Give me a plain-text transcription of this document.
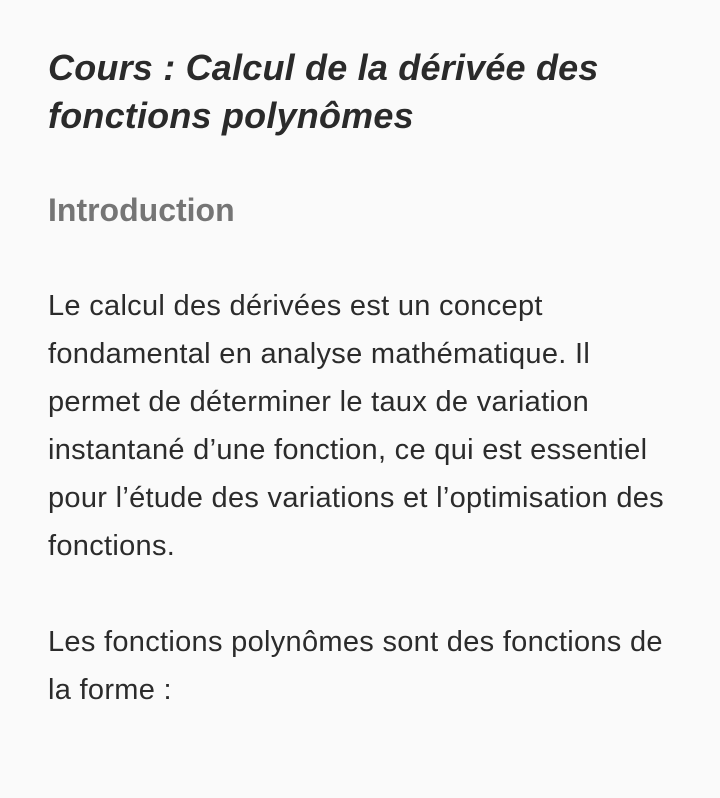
Cours : Calcul de la dérivée des fonctions polynômes
Introduction

Le calcul des dérivées est un concept fondamental en analyse mathématique. Il permet de déterminer le taux de variation instantané d’une fonction, ce qui est essentiel pour l’étude des variations et l’optimisation des fonctions.

Les fonctions polynômes sont des fonctions de la forme :
